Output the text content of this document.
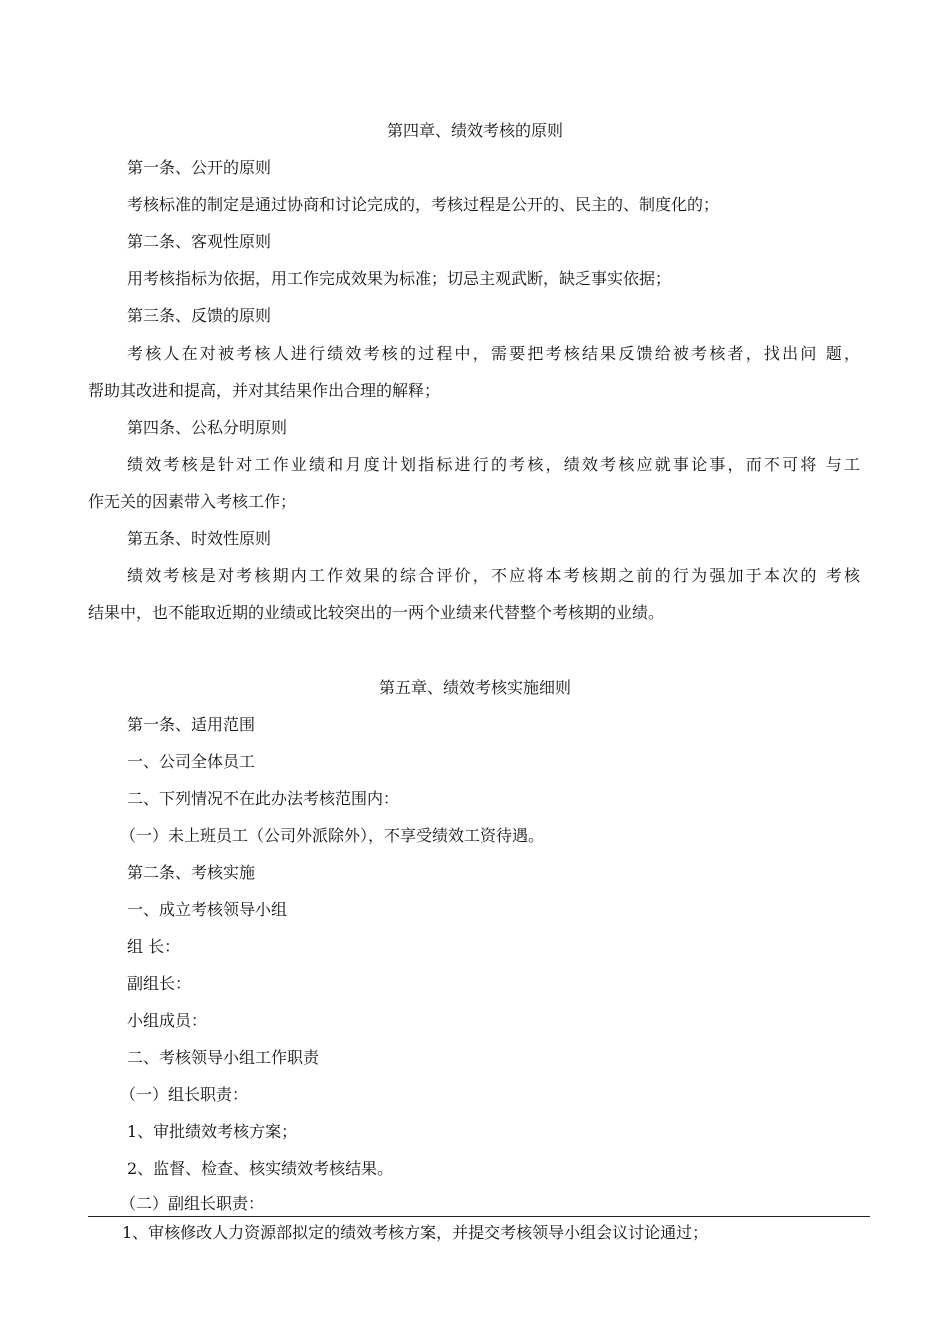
第四章、绩效考核的原则
第一条、公开的原则
考核标准的制定是通过协商和讨论完成的，考核过程是公开的、民主的、制度化的；
第二条、客观性原则
用考核指标为依据，用工作完成效果为标准；切忌主观武断，缺乏事实依据；
第三条、反馈的原则
考核人在对被考核人进行绩效考核的过程中，需要把考核结果反馈给被考核者，找出问 题，
帮助其改进和提高，并对其结果作出合理的解释；
第四条、公私分明原则
绩效考核是针对工作业绩和月度计划指标进行的考核，绩效考核应就事论事，而不可将 与工
作无关的因素带入考核工作；
第五条、时效性原则
绩效考核是对考核期内工作效果的综合评价，不应将本考核期之前的行为强加于本次的 考核
结果中，也不能取近期的业绩或比较突出的一两个业绩来代替整个考核期的业绩。
第五章、绩效考核实施细则
第一条、适用范围
一、公司全体员工
二、下列情况不在此办法考核范围内：
（一）未上班员工（公司外派除外），不享受绩效工资待遇。
第二条、考核实施
一、成立考核领导小组
组 长：
副组长：
小组成员：
二、考核领导小组工作职责
（一）组长职责：
1、审批绩效考核方案；
2、监督、检查、核实绩效考核结果。
（二）副组长职责：
1、审核修改人力资源部拟定的绩效考核方案，并提交考核领导小组会议讨论通过；
